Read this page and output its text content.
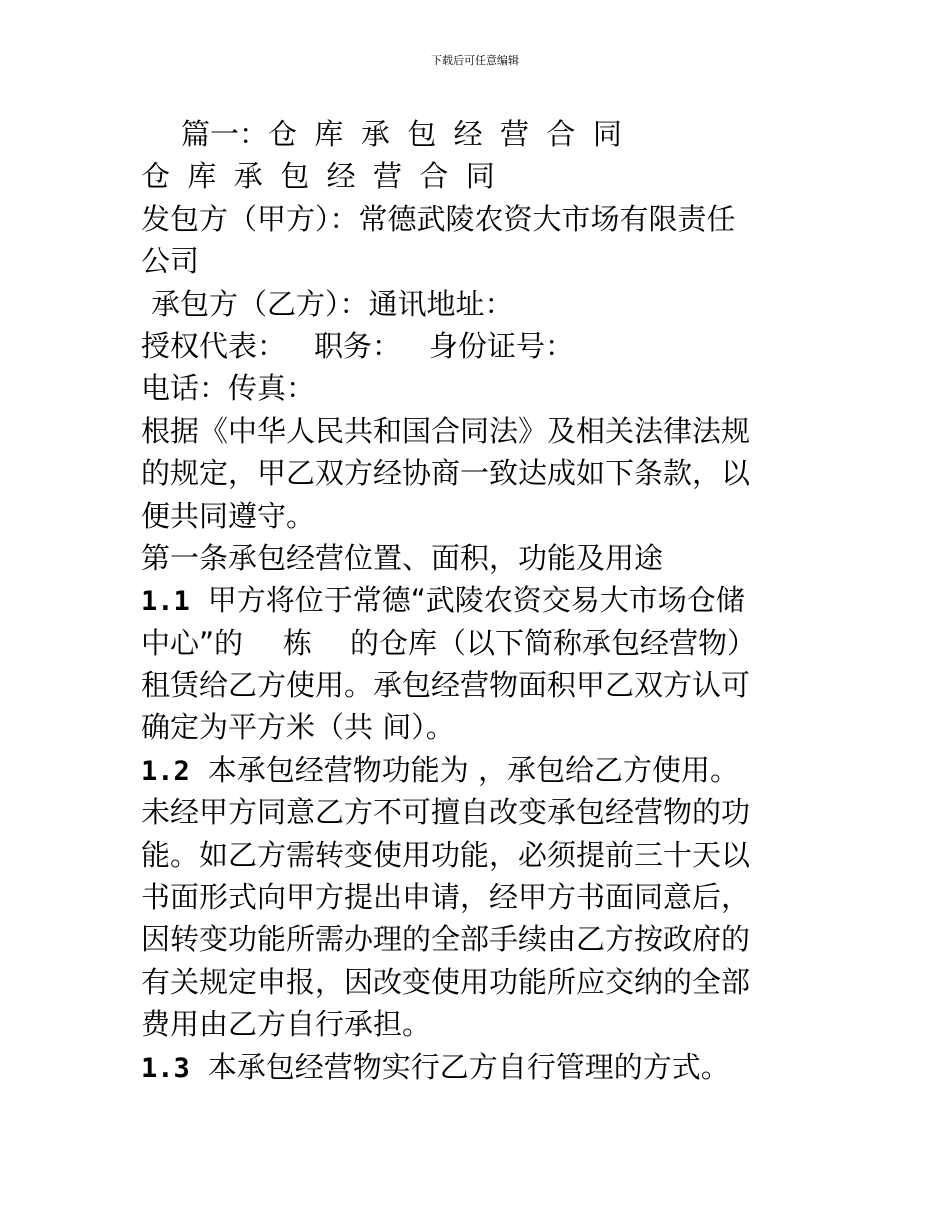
下载后可任意编辑
篇一：仓库承包经营合同
仓库承包经营合同
发包方（甲方）：常德武陵农资大市场有限责任
公司
承包方（乙方）：通讯地址：
授权代表： 职务： 身份证号：
电话：传真：
根据《中华人民共和国合同法》及相关法律法规
的规定，甲乙双方经协商一致达成如下条款，以
便共同遵守。
第一条承包经营位置、面积，功能及用途
1.1 甲方将位于常德“武陵农资交易大市场仓储
中心”的 栋 的仓库（以下简称承包经营物）
租赁给乙方使用。承包经营物面积甲乙双方认可
确定为平方米（共 间）。
1.2 本承包经营物功能为 ，承包给乙方使用。
未经甲方同意乙方不可擅自改变承包经营物的功
能。如乙方需转变使用功能，必须提前三十天以
书面形式向甲方提出申请，经甲方书面同意后，
因转变功能所需办理的全部手续由乙方按政府的
有关规定申报，因改变使用功能所应交纳的全部
费用由乙方自行承担。
1.3 本承包经营物实行乙方自行管理的方式。
